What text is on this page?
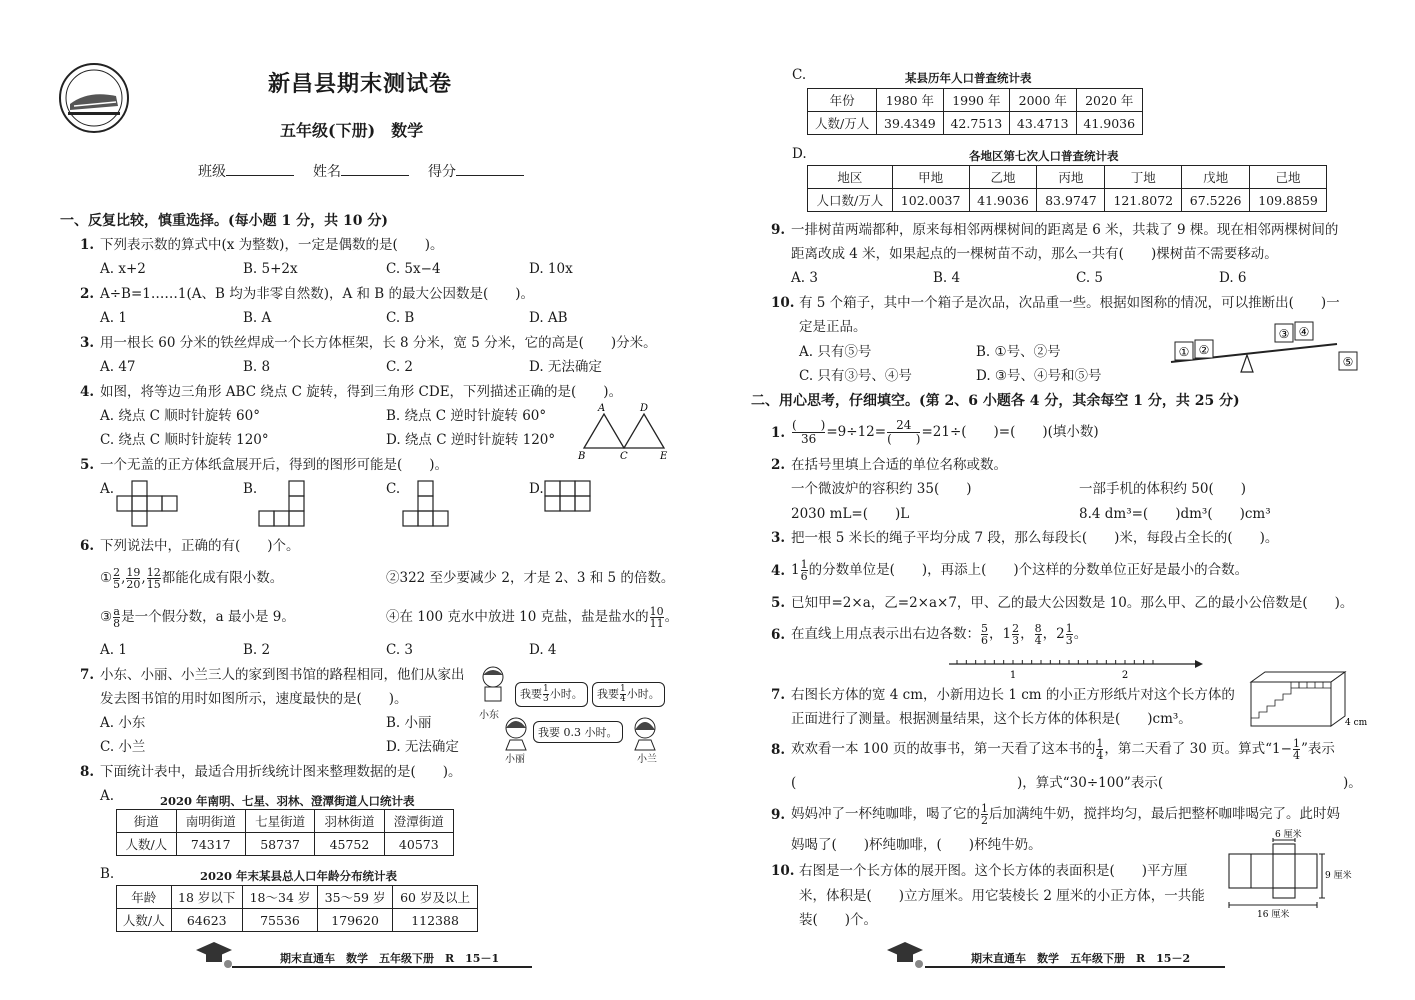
新昌县期末测试卷
五年级(下册)　数学
班级	姓名	得分
一、反复比较，慎重选择。(每小题 1 分，共 10 分)
1. 下列表示数的算式中(x 为整数)，一定是偶数的是(　　)。
A. x+2	B. 5+2x	C. 5x−4	D. 10x
2. A÷B=1……1(A、B 均为非零自然数)，A 和 B 的最大公因数是(　　)。
A. 1	B. A	C. B	D. AB
3. 用一根长 60 分米的铁丝焊成一个长方体框架，长 8 分米，宽 5 分米，它的高是(　　)分米。
A. 47	B. 8	C. 2	D. 无法确定
4. 如图，将等边三角形 ABC 绕点 C 旋转，得到三角形 CDE，下列描述正确的是(　　)。
A. 绕点 C 顺时针旋转 60°	B. 绕点 C 逆时针旋转 60°
C. 绕点 C 顺时针旋转 120°	D. 绕点 C 逆时针旋转 120°
A	D
B	C	E
5. 一个无盖的正方体纸盒展开后，得到的图形可能是(　　)。
A.	B.	C.	D.
6. 下列说法中，正确的有(　　)个。
① $\frac{2}{5}$ , $\frac{19}{20}$ , $\frac{12}{15}$ 都能化成有限小数。	②322 至少要减少 2，才是 2、3 和 5 的倍数。
③ $\frac{a}{8}$ 是一个假分数，a 最小是 9。	④在 100 克水中放进 10 克盐，盐是盐水的 $\frac{10}{11}$ 。
A. 1	B. 2	C. 3	D. 4
7. 小东、小丽、小兰三人的家到图书馆的路程相同，他们从家出
发去图书馆的用时如图所示，速度最快的是(　　)。
A. 小东	B. 小丽
C. 小兰	D. 无法确定
小东
我要 $\frac{1}{3}$ 小时。	我要 $\frac{1}{4}$ 小时。
我要 0.3 小时。
小丽	小兰
8. 下面统计表中，最适合用折线统计图来整理数据的是(　　)。
A.	2020 年南明、七星、羽林、澄潭街道人口统计表
街道	南明街道	七星街道	羽林街道	澄潭街道
人数/人	74317	58737	45752	40573
B.	2020 年末某县总人口年龄分布统计表
年龄	18 岁以下	18～34 岁	35～59 岁	60 岁及以上
人数/人	64623	75536	179620	112388
期末直通车　数学　五年级下册　R　15－1
C.	某县历年人口普查统计表
年份	1980 年	1990 年	2000 年	2020 年
人数/万人	39.4349	42.7513	43.4713	41.9036
D.	各地区第七次人口普查统计表
地区	甲地	乙地	丙地	丁地	戊地	己地
人口数/万人	102.0037	41.9036	83.9747	121.8072	67.5226	109.8859
9. 一排树苗两端都种，原来每相邻两棵树间的距离是 6 米，共栽了 9 棵。现在相邻两棵树间的
距离改成 4 米，如果起点的一棵树苗不动，那么一共有(　　)棵树苗不需要移动。
A. 3	B. 4	C. 5	D. 6
10. 有 5 个箱子，其中一个箱子是次品，次品重一些。根据如图称的情况，可以推断出(　　)一
定是正品。
A. 只有⑤号	B. ①号、②号
C. 只有③号、④号	D. ③号、④号和⑤号
① ②
③ ④
⑤
二、用心思考，仔细填空。(第 2、6 小题各 4 分，其余每空 1 分，共 25 分)
1. $\frac{( )}{36} =9\div 12= \frac{24}{( )} =21\div$(　　)=(　　)(填小数)
2. 在括号里填上合适的单位名称或数。
一个微波炉的容积约 35(　　)	一部手机的体积约 50(　　)
2030 mL=(　　)L	8.4 dm³=(　　)dm³(　　)cm³
3. 把一根 5 米长的绳子平均分成 7 段，那么每段长(　　)米，每段占全长的(　　)。
4. $1 \frac{1}{6}$ 的分数单位是(　　)，再添上(　　)个这样的分数单位正好是最小的合数。
5. 已知甲=2×a，乙=2×a×7，甲、乙的最大公因数是 10。那么甲、乙的最小公倍数是(　　)。
6. 在直线上用点表示出右边各数： $\frac{5}{6}$ ，$1 \frac{2}{3}$ ， $\frac{8}{4}$ ，$2 \frac{1}{3}$ 。
1	2
7. 右图长方体的宽 4 cm，小新用边长 1 cm 的小正方形纸片对这个长方体的
正面进行了测量。根据测量结果，这个长方体的体积是(　　)cm³。	4 cm
8. 欢欢看一本 100 页的故事书，第一天看了这本书的 $\frac{1}{4}$ ，第二天看了 30 页。算式“$1- \frac{1}{4}$ ”表示
(	)，算式“30÷100”表示(	)。
9. 妈妈冲了一杯纯咖啡，喝了它的 $\frac{1}{2}$ 后加满纯牛奶，搅拌均匀，最后把整杯咖啡喝完了。此时妈
妈喝了(　　)杯纯咖啡，(　　)杯纯牛奶。
10. 右图是一个长方体的展开图。这个长方体的表面积是(　　)平方厘
米，体积是(　　)立方厘米。用它装棱长 2 厘米的小正方体，一共能
装(　　)个。
6 厘米
9 厘米
16 厘米
期末直通车　数学　五年级下册　R　15－2
